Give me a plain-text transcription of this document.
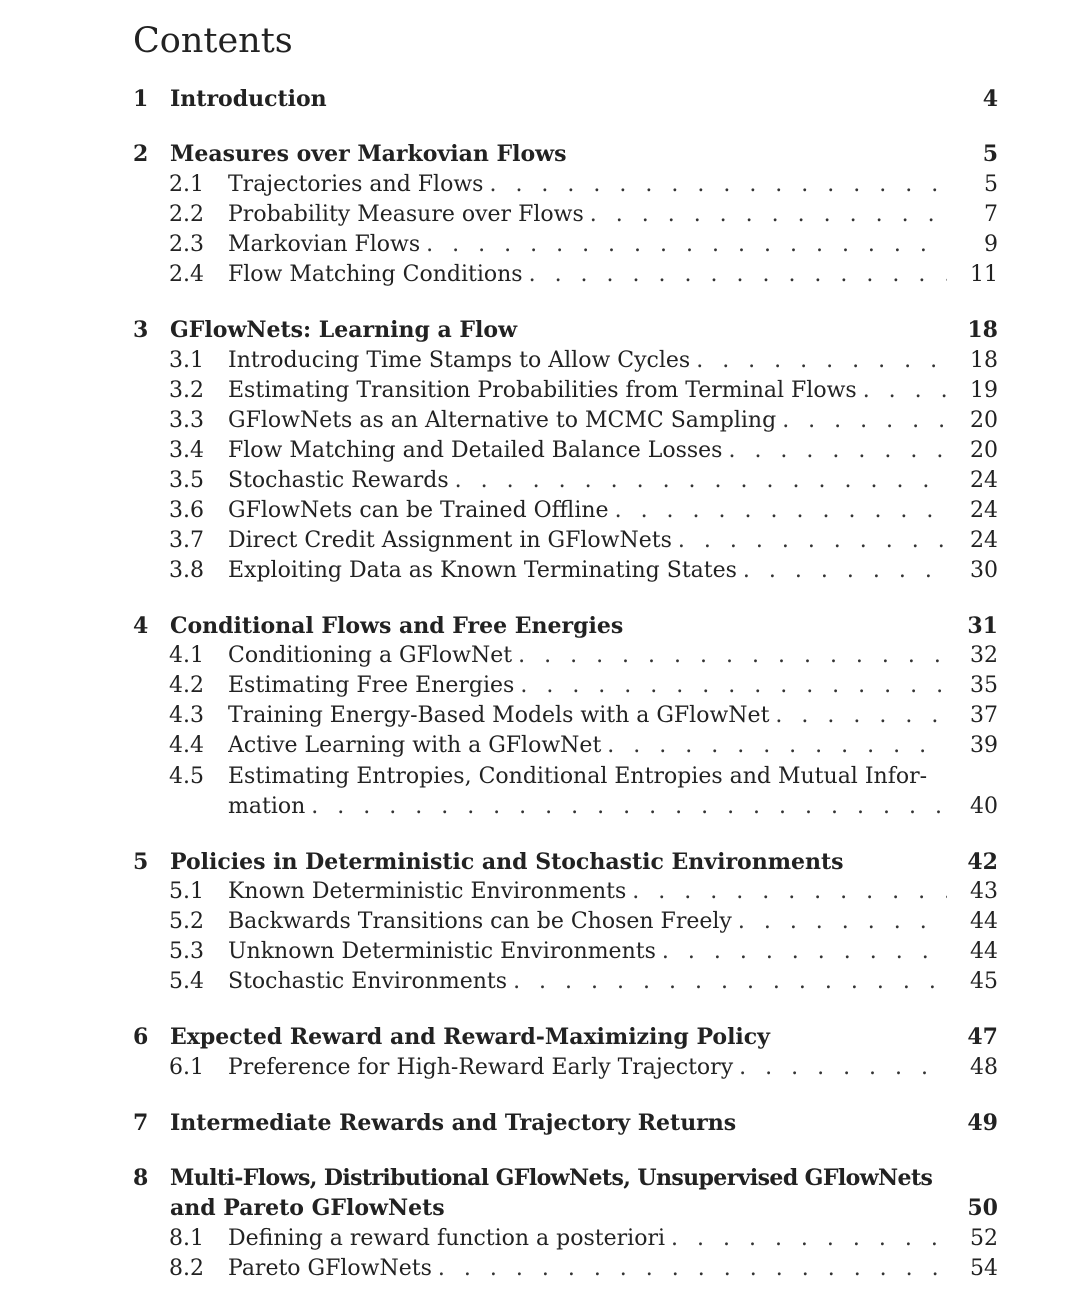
Contents
1 Introduction	4
2 Measures over Markovian Flows	5
2.1 Trajectories and Flows . . .	5
2.2 Probability Measure over Flows . . .	7
2.3 Markovian Flows . . .	9
2.4 Flow Matching Conditions . . .	11
3 GFlowNets: Learning a Flow	18
3.1 Introducing Time Stamps to Allow Cycles . . .	18
3.2 Estimating Transition Probabilities from Terminal Flows . . .	19
3.3 GFlowNets as an Alternative to MCMC Sampling . . .	20
3.4 Flow Matching and Detailed Balance Losses . . .	20
3.5 Stochastic Rewards . . .	24
3.6 GFlowNets can be Trained Offline . . .	24
3.7 Direct Credit Assignment in GFlowNets . . .	24
3.8 Exploiting Data as Known Terminating States . . .	30
4 Conditional Flows and Free Energies	31
4.1 Conditioning a GFlowNet . . .	32
4.2 Estimating Free Energies . . .	35
4.3 Training Energy-Based Models with a GFlowNet . . .	37
4.4 Active Learning with a GFlowNet . . .	39
4.5 Estimating Entropies, Conditional Entropies and Mutual Infor-
mation . . .	40
5 Policies in Deterministic and Stochastic Environments	42
5.1 Known Deterministic Environments . . .	43
5.2 Backwards Transitions can be Chosen Freely . . .	44
5.3 Unknown Deterministic Environments . . .	44
5.4 Stochastic Environments . . .	45
6 Expected Reward and Reward-Maximizing Policy	47
6.1 Preference for High-Reward Early Trajectory . . .	48
7 Intermediate Rewards and Trajectory Returns	49
8 Multi-Flows, Distributional GFlowNets, Unsupervised GFlowNets
and Pareto GFlowNets	50
8.1 Defining a reward function a posteriori . . .	52
8.2 Pareto GFlowNets . . .	54
